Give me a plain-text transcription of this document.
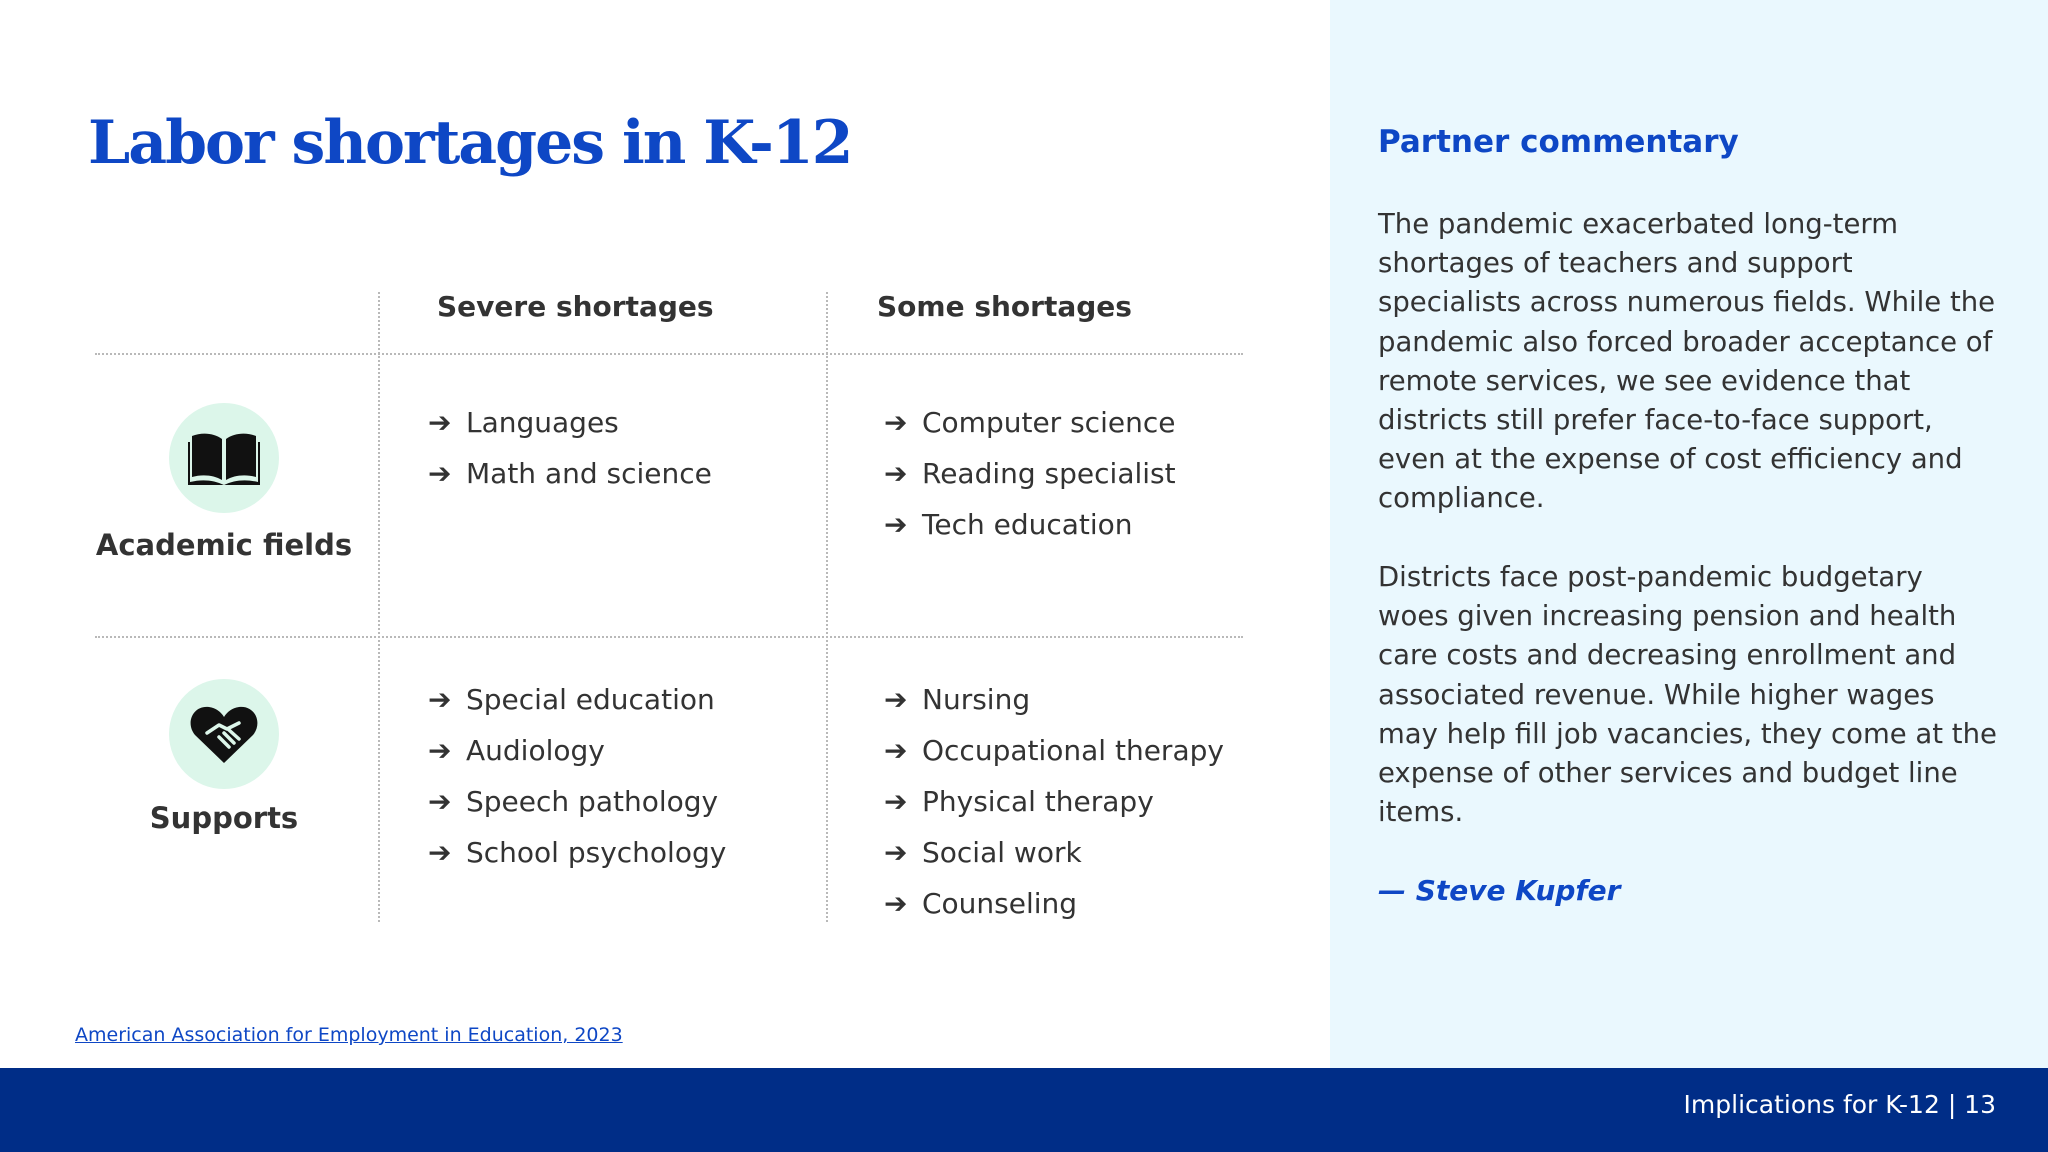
Labor shortages in K-12
Severe shortages	Some shortages
Academic fields
➔ Languages
➔ Math and science
➔ Computer science
➔ Reading specialist
➔ Tech education
Supports
➔ Special education
➔ Audiology
➔ Speech pathology
➔ School psychology
➔ Nursing
➔ Occupational therapy
➔ Physical therapy
➔ Social work
➔ Counseling
American Association for Employment in Education, 2023
Partner commentary

The pandemic exacerbated long-term shortages of teachers and support specialists across numerous fields. While the pandemic also forced broader acceptance of remote services, we see evidence that districts still prefer face-to-face support, even at the expense of cost efficiency and compliance.

Districts face post-pandemic budgetary woes given increasing pension and health care costs and decreasing enrollment and associated revenue. While higher wages may help fill job vacancies, they come at the expense of other services and budget line items.

— Steve Kupfer
Implications for K-12 | 13
